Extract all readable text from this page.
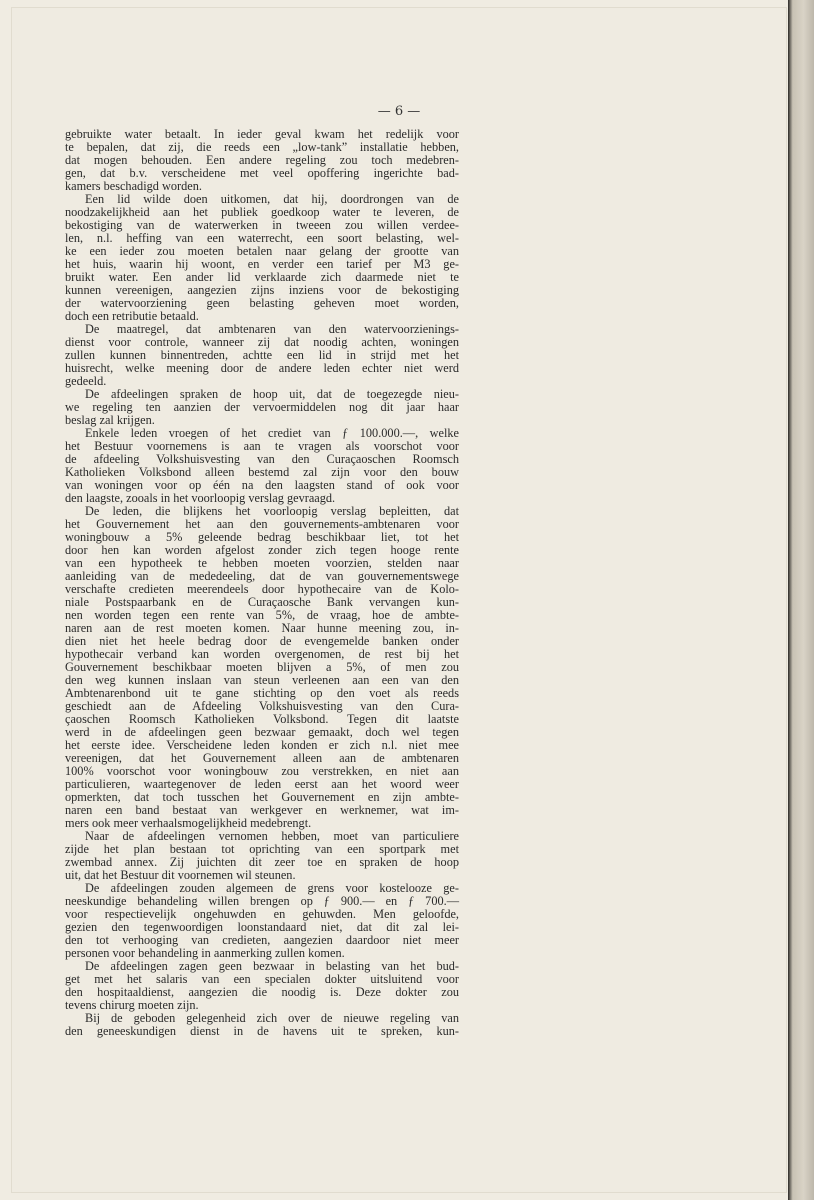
— 6 —
gebruikte water betaalt. In ieder geval kwam het redelijk voor
te bepalen, dat zij, die reeds een „low-tank” installatie hebben,
dat mogen behouden. Een andere regeling zou toch medebren-
gen, dat b.v. verscheidene met veel opoffering ingerichte bad-
kamers beschadigd worden.
Een lid wilde doen uitkomen, dat hij, doordrongen van de
noodzakelijkheid aan het publiek goedkoop water te leveren, de
bekostiging van de waterwerken in tweeen zou willen verdee-
len, n.l. heffing van een waterrecht, een soort belasting, wel-
ke een ieder zou moeten betalen naar gelang der grootte van
het huis, waarin hij woont, en verder een tarief per M3 ge-
bruikt water. Een ander lid verklaarde zich daarmede niet te
kunnen vereenigen, aangezien zijns inziens voor de bekostiging
der watervoorziening geen belasting geheven moet worden,
doch een retributie betaald.
De maatregel, dat ambtenaren van den watervoorzienings-
dienst voor controle, wanneer zij dat noodig achten, woningen
zullen kunnen binnentreden, achtte een lid in strijd met het
huisrecht, welke meening door de andere leden echter niet werd
gedeeld.
De afdeelingen spraken de hoop uit, dat de toegezegde nieu-
we regeling ten aanzien der vervoermiddelen nog dit jaar haar
beslag zal krijgen.
Enkele leden vroegen of het crediet van ƒ 100.000.—, welke
het Bestuur voornemens is aan te vragen als voorschot voor
de afdeeling Volkshuisvesting van den Curaçaoschen Roomsch
Katholieken Volksbond alleen bestemd zal zijn voor den bouw
van woningen voor op één na den laagsten stand of ook voor
den laagste, zooals in het voorloopig verslag gevraagd.
De leden, die blijkens het voorloopig verslag bepleitten, dat
het Gouvernement het aan den gouvernements-ambtenaren voor
woningbouw a 5% geleende bedrag beschikbaar liet, tot het
door hen kan worden afgelost zonder zich tegen hooge rente
van een hypotheek te hebben moeten voorzien, stelden naar
aanleiding van de mededeeling, dat de van gouvernementswege
verschafte credieten meerendeels door hypothecaire van de Kolo-
niale Postspaarbank en de Curaçaosche Bank vervangen kun-
nen worden tegen een rente van 5%, de vraag, hoe de ambte-
naren aan de rest moeten komen. Naar hunne meening zou, in-
dien niet het heele bedrag door de evengemelde banken onder
hypothecair verband kan worden overgenomen, de rest bij het
Gouvernement beschikbaar moeten blijven a 5%, of men zou
den weg kunnen inslaan van steun verleenen aan een van den
Ambtenarenbond uit te gane stichting op den voet als reeds
geschiedt aan de Afdeeling Volkshuisvesting van den Cura-
çaoschen Roomsch Katholieken Volksbond. Tegen dit laatste
werd in de afdeelingen geen bezwaar gemaakt, doch wel tegen
het eerste idee. Verscheidene leden konden er zich n.l. niet mee
vereenigen, dat het Gouvernement alleen aan de ambtenaren
100% voorschot voor woningbouw zou verstrekken, en niet aan
particulieren, waartegenover de leden eerst aan het woord weer
opmerkten, dat toch tusschen het Gouvernement en zijn ambte-
naren een band bestaat van werkgever en werknemer, wat im-
mers ook meer verhaalsmogelijkheid medebrengt.
Naar de afdeelingen vernomen hebben, moet van particuliere
zijde het plan bestaan tot oprichting van een sportpark met
zwembad annex. Zij juichten dit zeer toe en spraken de hoop
uit, dat het Bestuur dit voornemen wil steunen.
De afdeelingen zouden algemeen de grens voor kostelooze ge-
neeskundige behandeling willen brengen op ƒ 900.— en ƒ 700.—
voor respectievelijk ongehuwden en gehuwden. Men geloofde,
gezien den tegenwoordigen loonstandaard niet, dat dit zal lei-
den tot verhooging van credieten, aangezien daardoor niet meer
personen voor behandeling in aanmerking zullen komen.
De afdeelingen zagen geen bezwaar in belasting van het bud-
get met het salaris van een specialen dokter uitsluitend voor
den hospitaaldienst, aangezien die noodig is. Deze dokter zou
tevens chirurg moeten zijn.
Bij de geboden gelegenheid zich over de nieuwe regeling van
den geneeskundigen dienst in de havens uit te spreken, kun-
